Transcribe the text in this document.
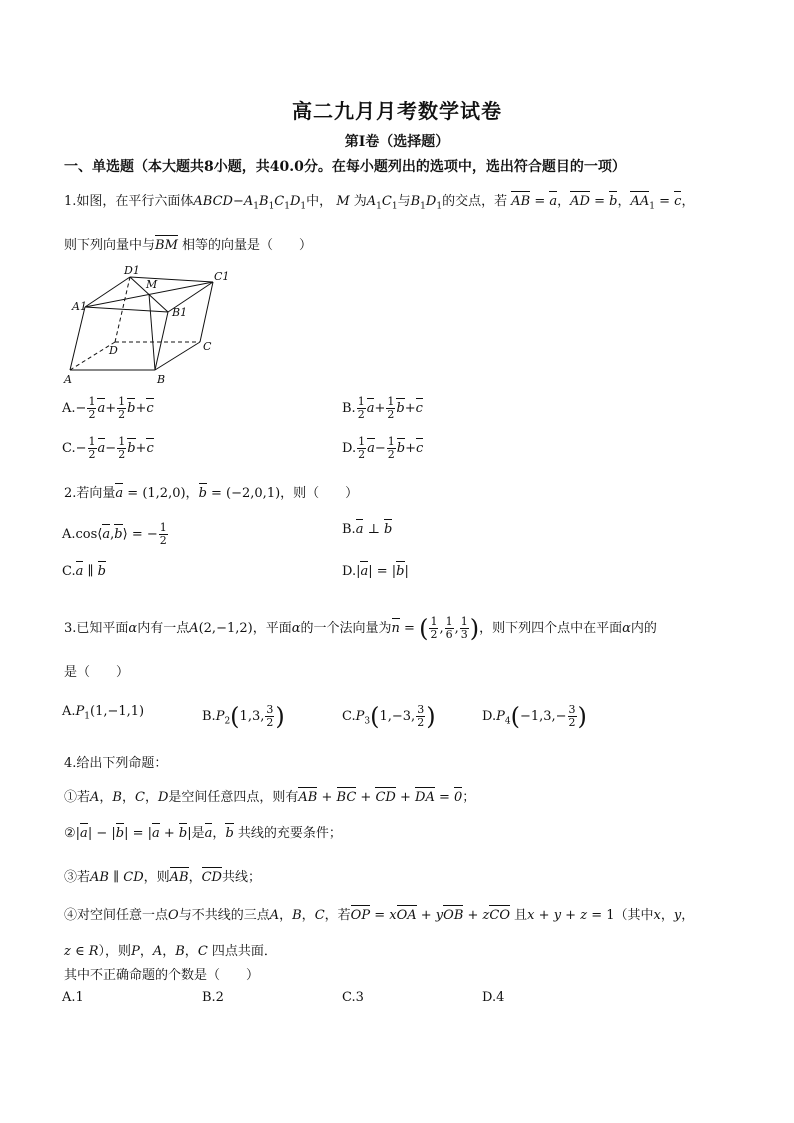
高二九月月考数学试卷
第Ⅰ卷（选择题）
一、单选题（本大题共8小题，共40.0分。在每小题列出的选项中，选出符合题目的一项）
1.如图，在平行六面体$ABCD-A_1B_1C_1D_1$中， M 为$A_1C_1$与$B_1D_1$的交点，若 AB = a，AD = b，$AA_1 = c$，
则下列向量中与BM 相等的向量是（　　）
D1
M
C1
A1	B1
D	C
A	B
$A.- \frac{1}{2} a+ \frac{1}{2} b+c$	B. $\frac{1}{2} a+ \frac{1}{2} b+c$
$C.- \frac{1}{2} a- \frac{1}{2} b+c$	D. $\frac{1}{2} a- \frac{1}{2} b+c$
2.若向量a = (1,2,0)，b = (−2,0,1)，则（　　）
A.cos⟨a,b⟩ = − $\frac{1}{2}$	B.a ⊥ b
C.a ∥ b	D.|a| = |b|
3.已知平面α内有一点A(2,−1,2)，平面α的一个法向量为n = ( $\frac{1}{2}$ , $\frac{1}{6}$ , $\frac{1}{3}$ )，则下列四个点中在平面α内的
是（　　）
$A.P_1(1,-1,1)$	$B.P_2(1,3$, $\frac{3}{2}$ )	$C.P_3(1,-3$, $\frac{3}{2}$ )	$D.P_4(-1,3,- \frac{3}{2}$ )
4.给出下列命题：
①若A，B，C，D是空间任意四点，则有AB + BC + CD + DA = 0；
②|a| − |b| = |a + b|是a，b 共线的充要条件；
③若AB ∥ CD，则AB，CD共线；
④对空间任意一点O与不共线的三点A，B，C，若OP = xOA + yOB + zCO 且x + y + z = 1（其中x，y，
z ∈ R），则P，A，B，C 四点共面．
其中不正确命题的个数是（　　）
A.1	B.2	C.3	D.4
